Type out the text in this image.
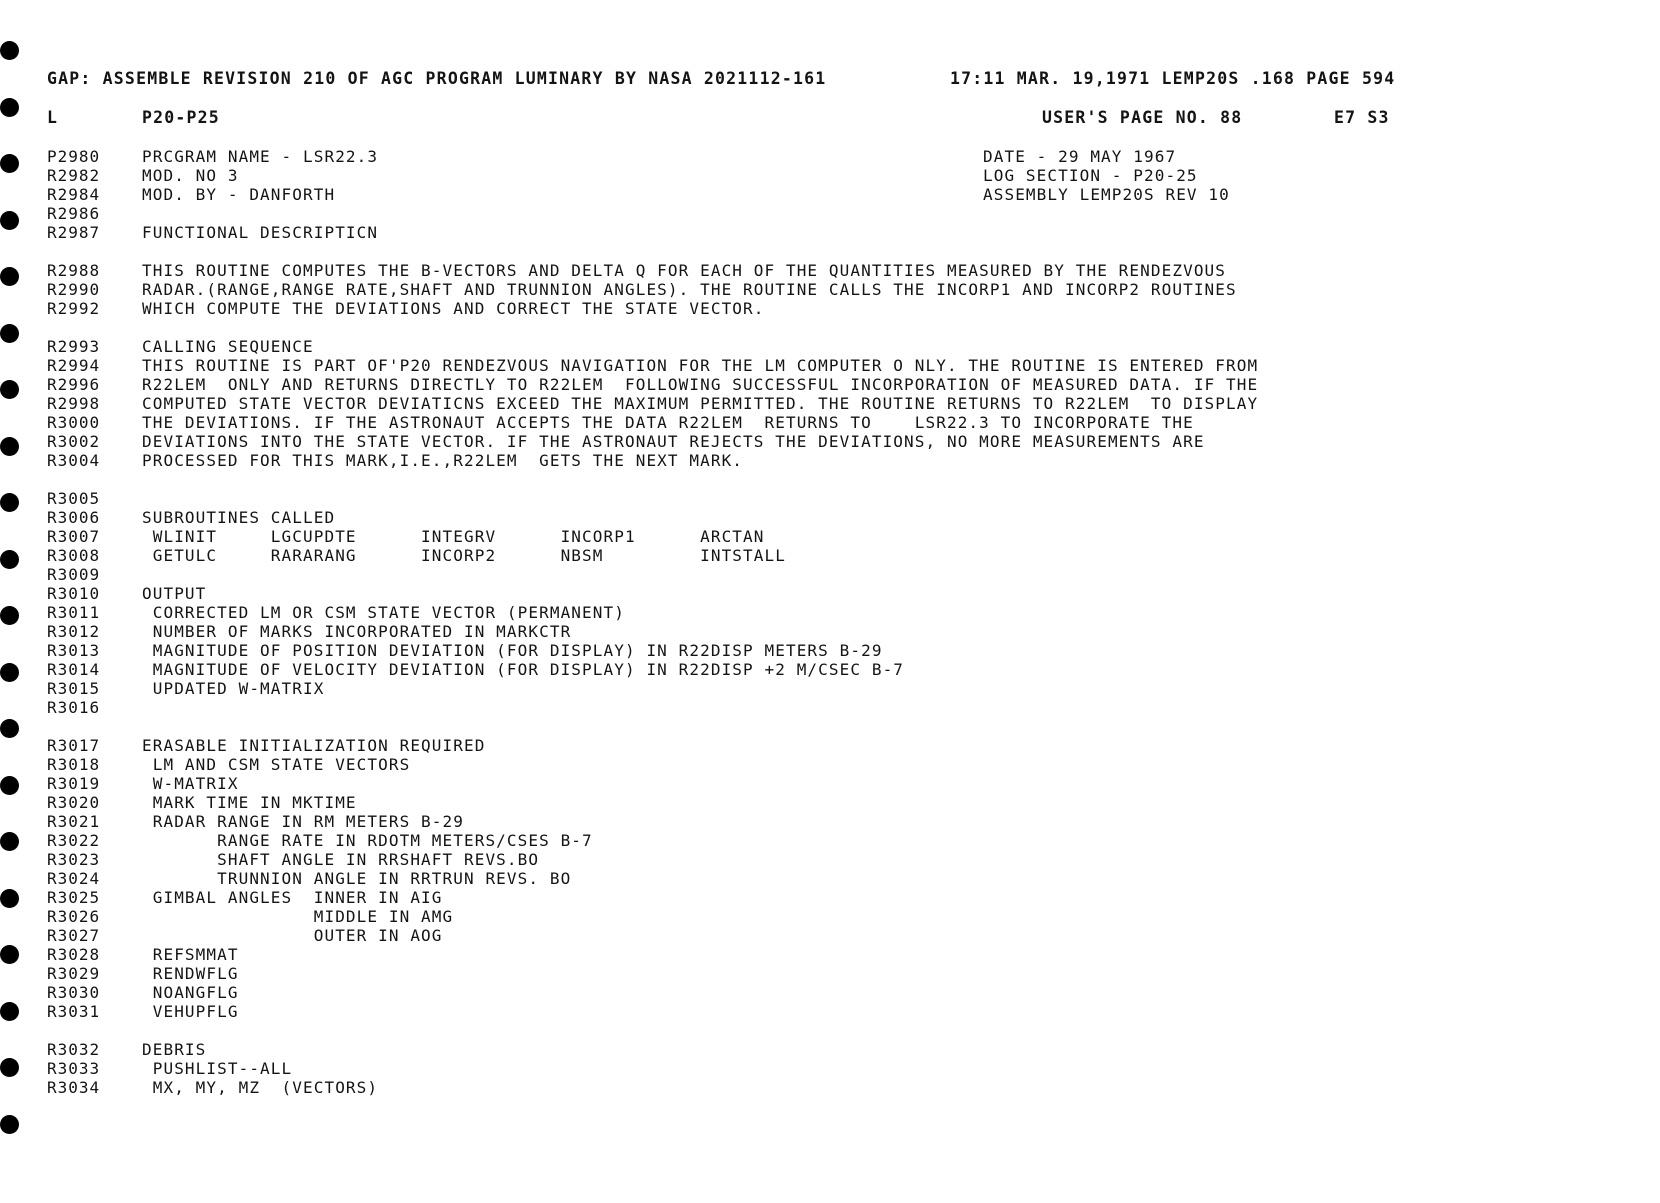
GAP: ASSEMBLE REVISION 210 OF AGC PROGRAM LUMINARY BY NASA 2021112-161	17:11 MAR. 19,1971 LEMP20S .168 PAGE 594
L	P20-P25	USER'S PAGE NO. 88	E7 S3
DATE - 29 MAY 1967
LOG SECTION - P20-25
ASSEMBLY LEMP20S REV 10
P2980	PRCGRAM NAME - LSR22.3
R2982	MOD. NO 3
R2984	MOD. BY - DANFORTH
R2986
R2987	FUNCTIONAL DESCRIPTICN
R2988	THIS ROUTINE COMPUTES THE B-VECTORS AND DELTA Q FOR EACH OF THE QUANTITIES MEASURED BY THE RENDEZVOUS
R2990	RADAR.(RANGE,RANGE RATE,SHAFT AND TRUNNION ANGLES). THE ROUTINE CALLS THE INCORP1 AND INCORP2 ROUTINES
R2992	WHICH COMPUTE THE DEVIATIONS AND CORRECT THE STATE VECTOR.
R2993	CALLING SEQUENCE
R2994	THIS ROUTINE IS PART OF'P20 RENDEZVOUS NAVIGATION FOR THE LM COMPUTER O NLY. THE ROUTINE IS ENTERED FROM
R2996	R22LEM  ONLY AND RETURNS DIRECTLY TO R22LEM  FOLLOWING SUCCESSFUL INCORPORATION OF MEASURED DATA. IF THE
R2998	COMPUTED STATE VECTOR DEVIATICNS EXCEED THE MAXIMUM PERMITTED. THE ROUTINE RETURNS TO R22LEM  TO DISPLAY
R3000	THE DEVIATIONS. IF THE ASTRONAUT ACCEPTS THE DATA R22LEM  RETURNS TO    LSR22.3 TO INCORPORATE THE
R3002	DEVIATIONS INTO THE STATE VECTOR. IF THE ASTRONAUT REJECTS THE DEVIATIONS, NO MORE MEASUREMENTS ARE
R3004	PROCESSED FOR THIS MARK,I.E.,R22LEM  GETS THE NEXT MARK.
R3005
R3006	SUBROUTINES CALLED
R3007	WLINIT     LGCUPDTE      INTEGRV      INCORP1      ARCTAN
R3008	GETULC     RARARANG      INCORP2      NBSM         INTSTALL
R3009
R3010	OUTPUT
R3011	CORRECTED LM OR CSM STATE VECTOR (PERMANENT)
R3012	NUMBER OF MARKS INCORPORATED IN MARKCTR
R3013	MAGNITUDE OF POSITION DEVIATION (FOR DISPLAY) IN R22DISP METERS B-29
R3014	MAGNITUDE OF VELOCITY DEVIATION (FOR DISPLAY) IN R22DISP +2 M/CSEC B-7
R3015	UPDATED W-MATRIX
R3016
R3017	ERASABLE INITIALIZATION REQUIRED
R3018	LM AND CSM STATE VECTORS
R3019	W-MATRIX
R3020	MARK TIME IN MKTIME
R3021	RADAR RANGE IN RM METERS B-29
R3022	RANGE RATE IN RDOTM METERS/CSES B-7
R3023	SHAFT ANGLE IN RRSHAFT REVS.BO
R3024	TRUNNION ANGLE IN RRTRUN REVS. BO
R3025	GIMBAL ANGLES  INNER IN AIG
R3026	MIDDLE IN AMG
R3027	OUTER IN AOG
R3028	REFSMMAT
R3029	RENDWFLG
R3030	NOANGFLG
R3031	VEHUPFLG
R3032	DEBRIS
R3033	PUSHLIST--ALL
R3034	MX, MY, MZ  (VECTORS)
